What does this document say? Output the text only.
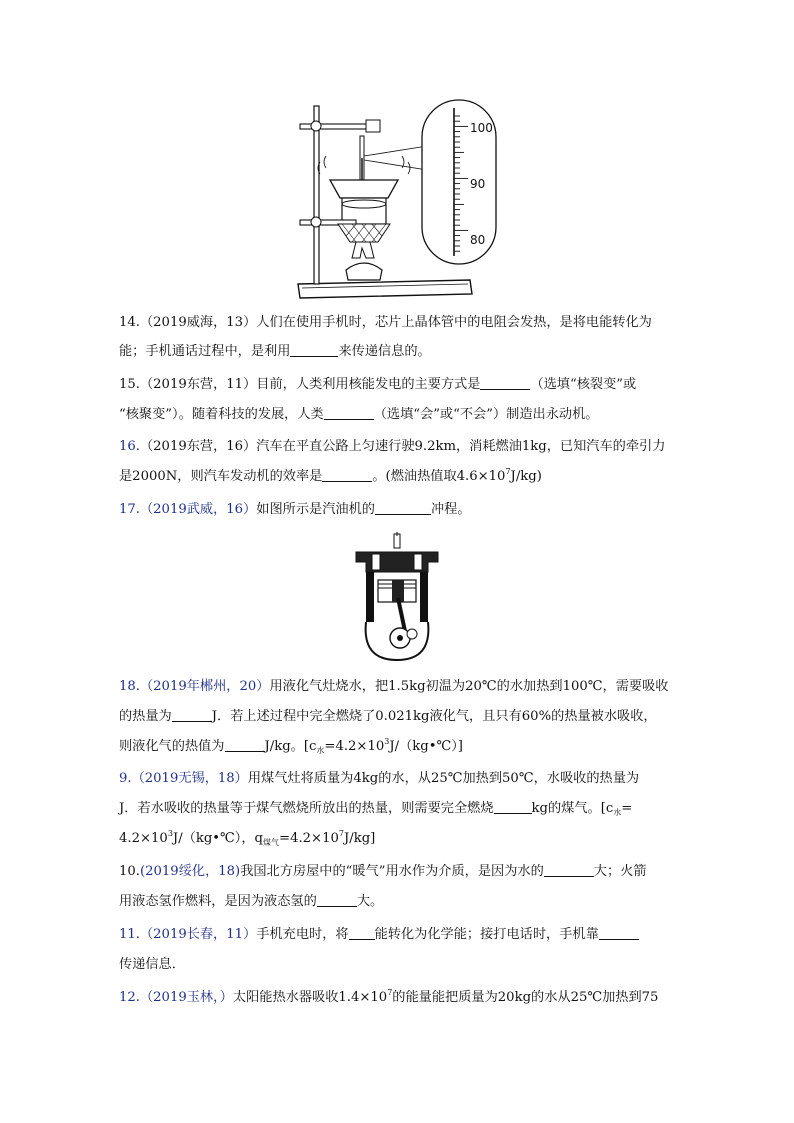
100
90
80
14.（2019威海，13）人们在使用手机时，芯片上晶体管中的电阻会发热，是将电能转化为
能；手机通话过程中，是利用	来传递信息的。
15.（2019东营，11）目前，人类利用核能发电的主要方式是	（选填“核裂变”或
“核聚变”）。随着科技的发展，人类	（选填“会”或“不会”）制造出永动机。
16.（2019东营，16）汽车在平直公路上匀速行驶9.2km，消耗燃油1kg，已知汽车的牵引力
是2000N，则汽车发动机的效率是	。(燃油热值取$4.6\times 10^7J/kg$)
17.（2019武威，16）如图所示是汽油机的	冲程。
18.（2019年郴州，20）用液化气灶烧水，把1.5kg初温为20℃的水加热到100℃，需要吸收
的热量为	J．若上述过程中完全燃烧了0.021kg液化气，且只有60%的热量被水吸收，
则液化气的热值为	J/kg。$[c_水=4.2\times 10^3J/(kg•℃)]$
9.（2019无锡，18）用煤气灶将质量为4kg的水，从25℃加热到50℃，水吸收的热量为
J．若水吸收的热量等于煤气燃烧所放出的热量，则需要完全燃烧	kg的煤气。[$c_水=$
$4.2\times 10^3J/(kg•℃)$，$q_{煤气}=4.2\times 10^7J/kg$]
10.(2019绥化，18)我国北方房屋中的“暖气”用水作为介质，是因为水的	大；火箭
用液态氢作燃料，是因为液态氢的	大。
11.（2019长春，11）手机充电时，将 能转化为化学能；接打电话时，手机靠
传递信息．
12.（2019玉林，）太阳能热水器吸收$1.4\times 10^7$的能量能把质量为20kg的水从25℃加热到75
